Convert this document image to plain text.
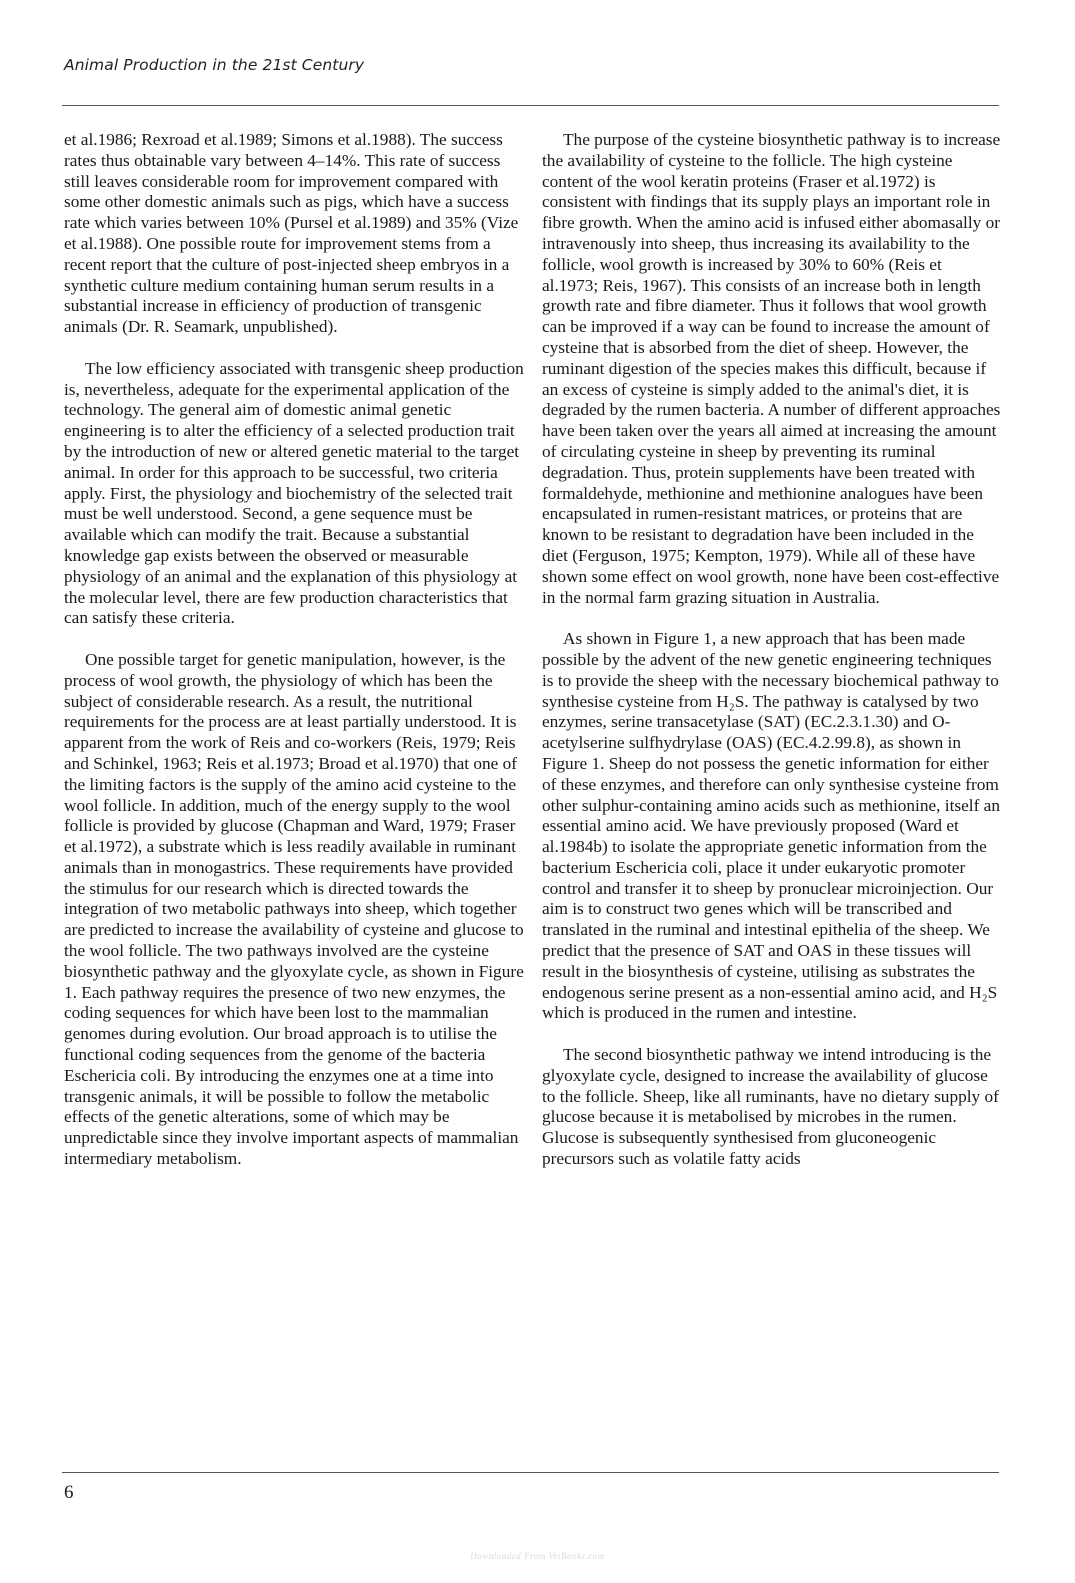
Animal Production in the 21st Century

et al.1986; Rexroad et al.1989; Simons et al.1988). The success rates thus obtainable vary between 4–14%. This rate of success still leaves considerable room for improvement compared with some other domestic animals such as pigs, which have a success rate which varies between 10% (Pursel et al.1989) and 35% (Vize et al.1988). One possible route for improvement stems from a recent report that the culture of post-injected sheep embryos in a synthetic culture medium containing human serum results in a substantial increase in efficiency of production of transgenic animals (Dr. R. Seamark, unpublished).

The low efficiency associated with transgenic sheep production is, nevertheless, adequate for the experimental application of the technology. The general aim of domestic animal genetic engineering is to alter the efficiency of a selected production trait by the introduction of new or altered genetic material to the target animal. In order for this approach to be successful, two criteria apply. First, the physiology and biochemistry of the selected trait must be well understood. Second, a gene sequence must be available which can modify the trait. Because a substantial knowledge gap exists between the observed or measurable physiology of an animal and the explanation of this physiology at the molecular level, there are few production characteristics that can satisfy these criteria.

One possible target for genetic manipulation, however, is the process of wool growth, the physiology of which has been the subject of considerable research. As a result, the nutritional requirements for the process are at least partially understood. It is apparent from the work of Reis and co-workers (Reis, 1979; Reis and Schinkel, 1963; Reis et al.1973; Broad et al.1970) that one of the limiting factors is the supply of the amino acid cysteine to the wool follicle. In addition, much of the energy supply to the wool follicle is provided by glucose (Chapman and Ward, 1979; Fraser et al.1972), a substrate which is less readily available in ruminant animals than in monogastrics. These requirements have provided the stimulus for our research which is directed towards the integration of two metabolic pathways into sheep, which together are predicted to increase the availability of cysteine and glucose to the wool follicle. The two pathways involved are the cysteine biosynthetic pathway and the glyoxylate cycle, as shown in Figure 1. Each pathway requires the presence of two new enzymes, the coding sequences for which have been lost to the mammalian genomes during evolution. Our broad approach is to utilise the functional coding sequences from the genome of the bacteria Eschericia coli. By introducing the enzymes one at a time into transgenic animals, it will be possible to follow the metabolic effects of the genetic alterations, some of which may be unpredictable since they involve important aspects of mammalian intermediary metabolism.

The purpose of the cysteine biosynthetic pathway is to increase the availability of cysteine to the follicle. The high cysteine content of the wool keratin proteins (Fraser et al.1972) is consistent with findings that its supply plays an important role in fibre growth. When the amino acid is infused either abomasally or intravenously into sheep, thus increasing its availability to the follicle, wool growth is increased by 30% to 60% (Reis et al.1973; Reis, 1967). This consists of an increase both in length growth rate and fibre diameter. Thus it follows that wool growth can be improved if a way can be found to increase the amount of cysteine that is absorbed from the diet of sheep. However, the ruminant digestion of the species makes this difficult, because if an excess of cysteine is simply added to the animal's diet, it is degraded by the rumen bacteria. A number of different approaches have been taken over the years all aimed at increasing the amount of circulating cysteine in sheep by preventing its ruminal degradation. Thus, protein supplements have been treated with formaldehyde, methionine and methionine analogues have been encapsulated in rumen-resistant matrices, or proteins that are known to be resistant to degradation have been included in the diet (Ferguson, 1975; Kempton, 1979). While all of these have shown some effect on wool growth, none have been cost-effective in the normal farm grazing situation in Australia.

As shown in Figure 1, a new approach that has been made possible by the advent of the new genetic engineering techniques is to provide the sheep with the necessary biochemical pathway to synthesise cysteine from H₂S. The pathway is catalysed by two enzymes, serine transacetylase (SAT) (EC.2.3.1.30) and O-acetylserine sulfhydrylase (OAS) (EC.4.2.99.8), as shown in Figure 1. Sheep do not possess the genetic information for either of these enzymes, and therefore can only synthesise cysteine from other sulphur-containing amino acids such as methionine, itself an essential amino acid. We have previously proposed (Ward et al.1984b) to isolate the appropriate genetic information from the bacterium Eschericia coli, place it under eukaryotic promoter control and transfer it to sheep by pronuclear microinjection. Our aim is to construct two genes which will be transcribed and translated in the ruminal and intestinal epithelia of the sheep. We predict that the presence of SAT and OAS in these tissues will result in the biosynthesis of cysteine, utilising as substrates the endogenous serine present as a non-essential amino acid, and H₂S which is produced in the rumen and intestine.

The second biosynthetic pathway we intend introducing is the glyoxylate cycle, designed to increase the availability of glucose to the follicle. Sheep, like all ruminants, have no dietary supply of glucose because it is metabolised by microbes in the rumen. Glucose is subsequently synthesised from gluconeogenic precursors such as volatile fatty acids

6
Downloaded From VetBooks.com
